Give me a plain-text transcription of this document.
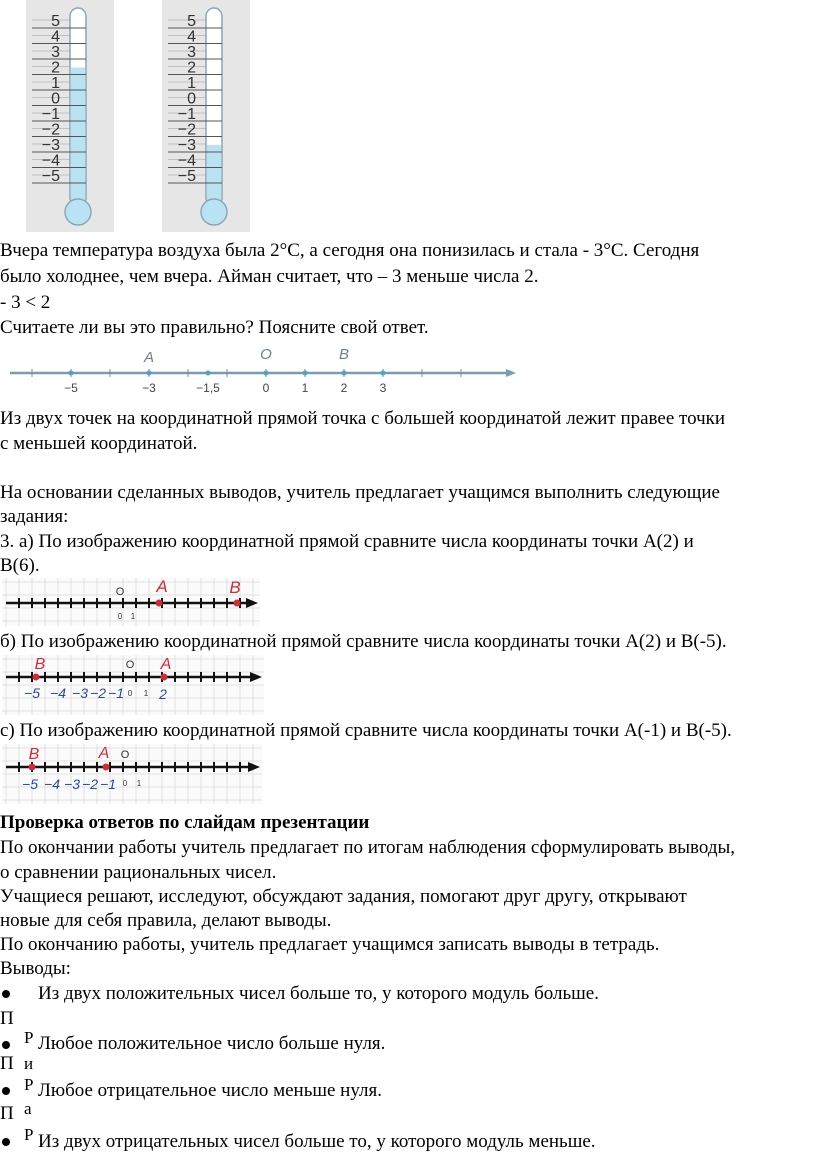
5
4
3
2
1
0
−1
−2
−3
−4
−5
5
4
3
2
1
0
−1
−2
−3
−4
−5
Вчера температура воздуха была 2°С, а сегодня она понизилась и стала - 3°С. Сегодня
было холоднее, чем вчера. Айман считает, что – 3 меньше числа 2.
- 3 < 2
Считаете ли вы это правильно? Поясните свой ответ.
A	O	B
−5	−3	−1,5	0	1	2	3
Из двух точек на координатной прямой точка с большей координатой лежит правее точки
с меньшей координатой.
На основании сделанных выводов, учитель предлагает учащимся выполнить следующие
задания:
3. а) По изображению координатной прямой сравните числа координаты точки А(2) и
В(6).
O A	B
0 1
б) По изображению координатной прямой сравните числа координаты точки А(2) и В(-5).
B	O A
−5 −4 −3 −2 −1 0 1 2
с) По изображению координатной прямой сравните числа координаты точки А(-1) и В(-5).
B	A O
−5 −4 −3 −2 −1 0 1
Проверка ответов по слайдам презентации
По окончании работы учитель предлагает по итогам наблюдения сформулировать выводы,
о сравнении рациональных чисел.
Учащиеся решают, исследуют, обсуждают задания, помогают друг другу, открывают
новые для себя правила, делают выводы.
По окончанию работы, учитель предлагает учащимся записать выводы в тетрадь.
Выводы:
Из двух положительных чисел больше то, у которого модуль больше.
П
Р Любое положительное число больше нуля.
и
П
Р Любое отрицательное число меньше нуля.
П а
Р Из двух отрицательных чисел больше то, у которого модуль меньше.
